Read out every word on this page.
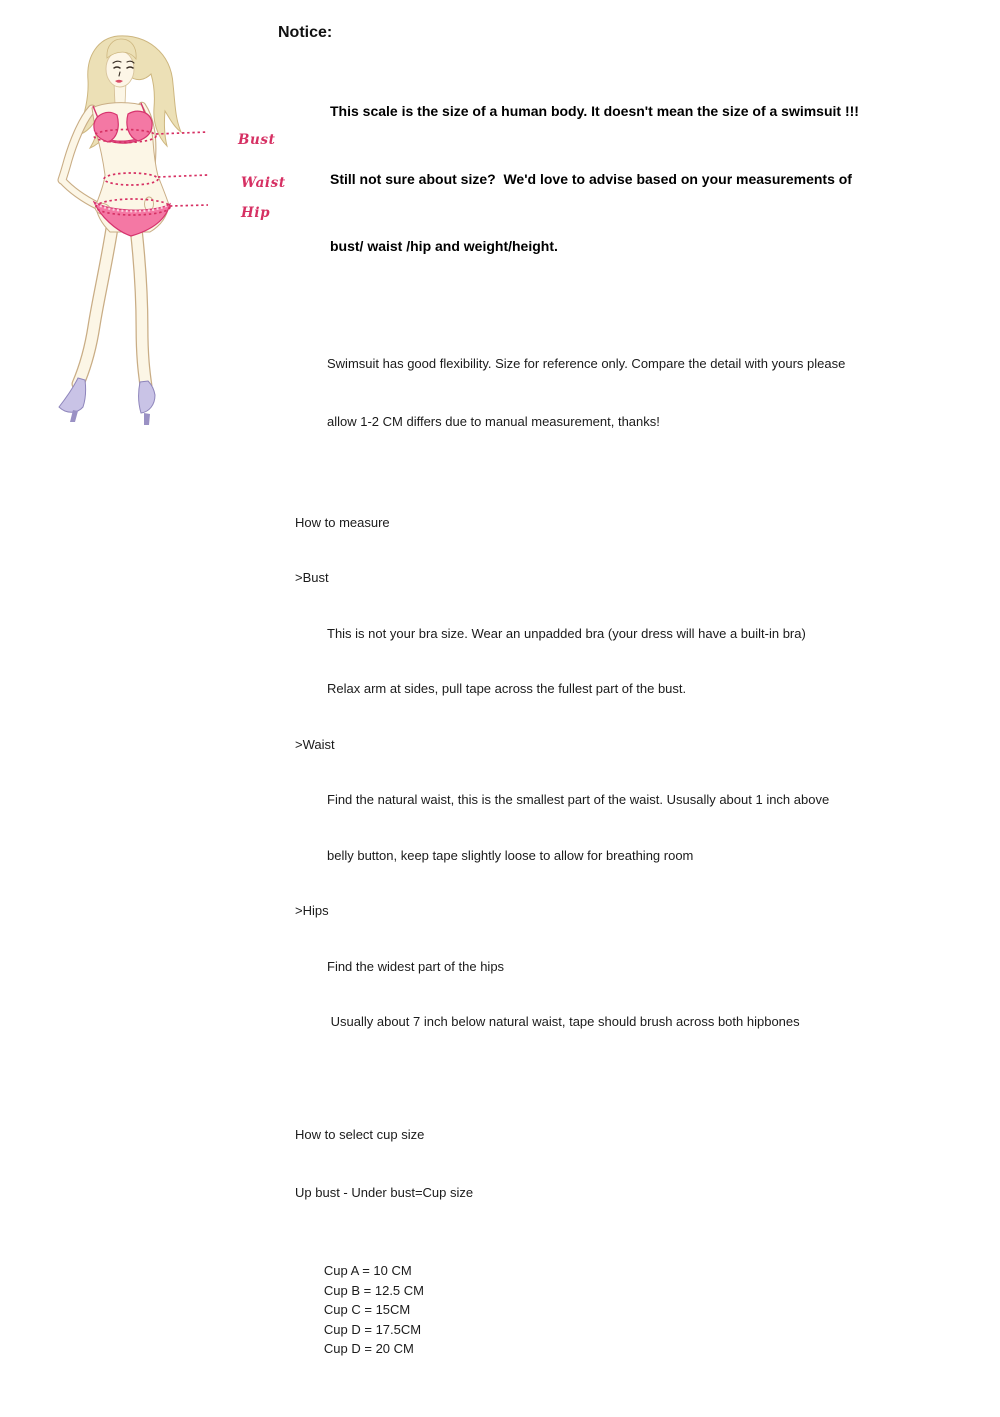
Bust
Waist
Hip
Notice:

This scale is the size of a human body. It doesn't mean the size of a swimsuit !!!

Still not sure about size?  We'd love to advise based on your measurements of

bust/ waist /hip and weight/height.

Swimsuit has good flexibility. Size for reference only. Compare the detail with yours please

allow 1-2 CM differs due to manual measurement, thanks!

How to measure

>Bust

This is not your bra size. Wear an unpadded bra (your dress will have a built-in bra)

Relax arm at sides, pull tape across the fullest part of the bust.

>Waist

Find the natural waist, this is the smallest part of the waist. Ususally about 1 inch above

belly button, keep tape slightly loose to allow for breathing room

>Hips

Find the widest part of the hips

Usually about 7 inch below natural waist, tape should brush across both hipbones

How to select cup size

Up bust - Under bust=Cup size

Cup A = 10 CM
Cup B = 12.5 CM
Cup C = 15CM
Cup D = 17.5CM
Cup D = 20 CM
